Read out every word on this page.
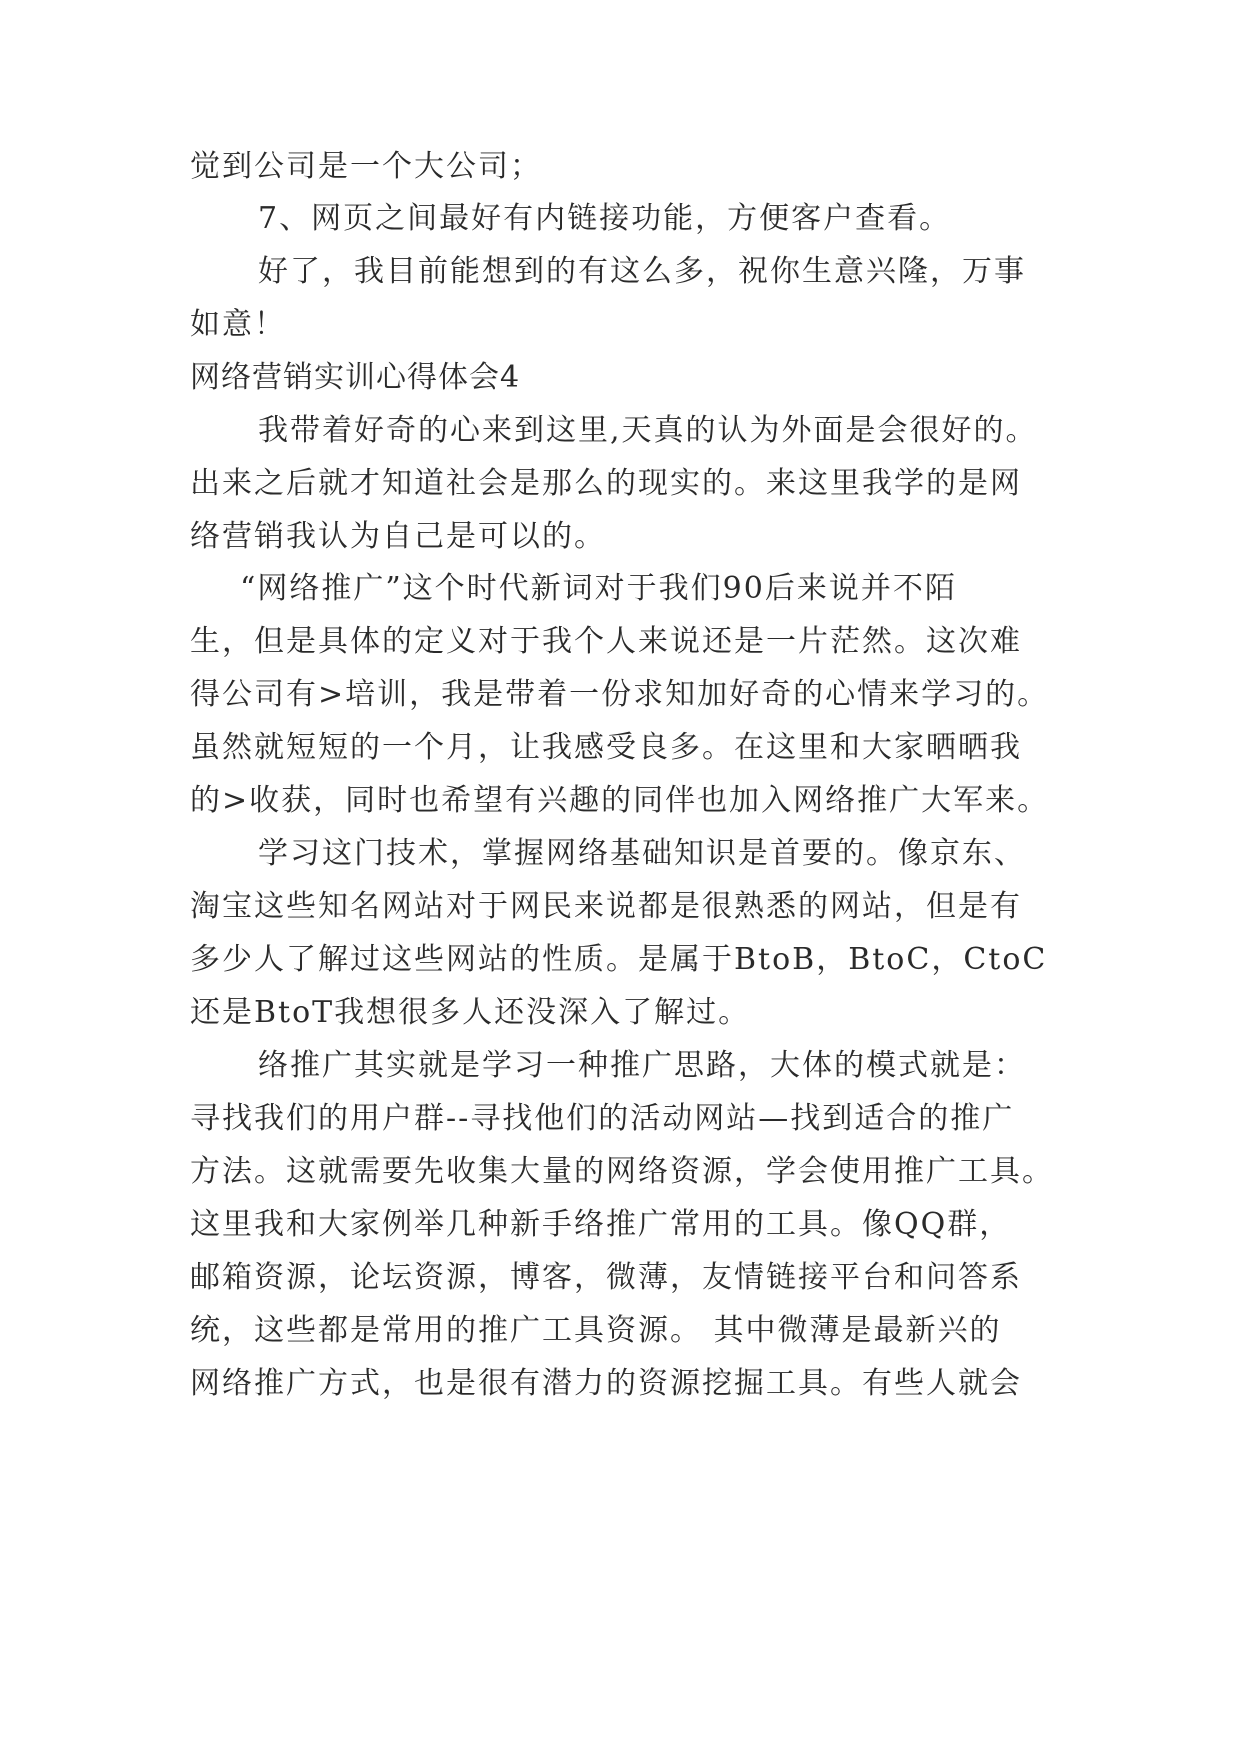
觉到公司是一个大公司；
7、网页之间最好有内链接功能，方便客户查看。
好了，我目前能想到的有这么多，祝你生意兴隆，万事
如意！
网络营销实训心得体会4
我带着好奇的心来到这里,天真的认为外面是会很好的。
出来之后就才知道社会是那么的现实的。来这里我学的是网
络营销我认为自己是可以的。
“网络推广”这个时代新词对于我们90后来说并不陌
生，但是具体的定义对于我个人来说还是一片茫然。这次难
得公司有>培训，我是带着一份求知加好奇的心情来学习的。
虽然就短短的一个月，让我感受良多。在这里和大家晒晒我
的>收获，同时也希望有兴趣的同伴也加入网络推广大军来。
学习这门技术，掌握网络基础知识是首要的。像京东、
淘宝这些知名网站对于网民来说都是很熟悉的网站，但是有
多少人了解过这些网站的性质。是属于BtoB，BtoC，CtoC
还是BtoT我想很多人还没深入了解过。
络推广其实就是学习一种推广思路，大体的模式就是：
寻找我们的用户群--寻找他们的活动网站—找到适合的推广
方法。这就需要先收集大量的网络资源，学会使用推广工具。
这里我和大家例举几种新手络推广常用的工具。像QQ群，
邮箱资源，论坛资源，博客，微薄，友情链接平台和问答系
统，这些都是常用的推广工具资源。 其中微薄是最新兴的
网络推广方式，也是很有潜力的资源挖掘工具。有些人就会
